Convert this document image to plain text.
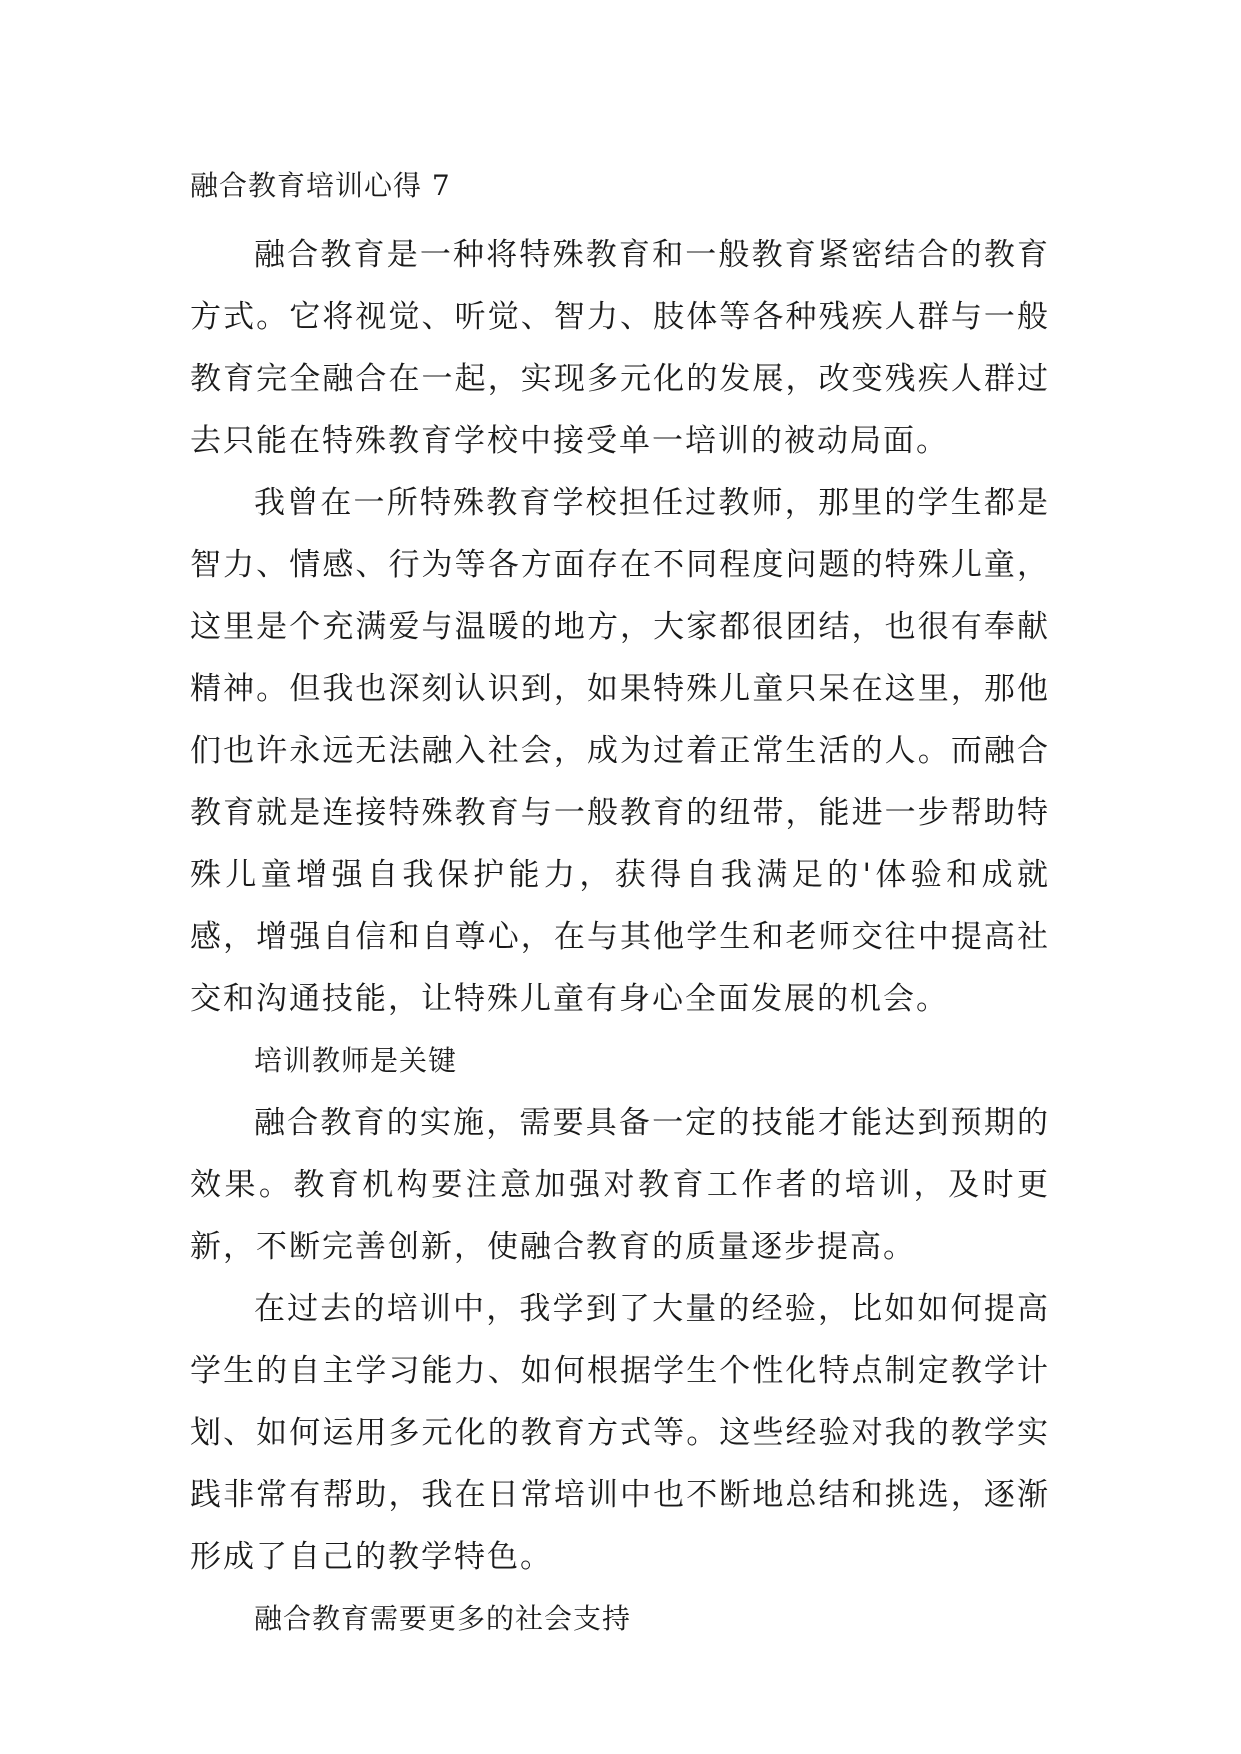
融合教育培训心得 7

融合教育是一种将特殊教育和一般教育紧密结合的教育方式。它将视觉、听觉、智力、肢体等各种残疾人群与一般教育完全融合在一起，实现多元化的发展，改变残疾人群过去只能在特殊教育学校中接受单一培训的被动局面。

我曾在一所特殊教育学校担任过教师，那里的学生都是智力、情感、行为等各方面存在不同程度问题的特殊儿童，这里是个充满爱与温暖的地方，大家都很团结，也很有奉献精神。但我也深刻认识到，如果特殊儿童只呆在这里，那他们也许永远无法融入社会，成为过着正常生活的人。而融合教育就是连接特殊教育与一般教育的纽带，能进一步帮助特殊儿童增强自我保护能力，获得自我满足的'体验和成就感，增强自信和自尊心，在与其他学生和老师交往中提高社交和沟通技能，让特殊儿童有身心全面发展的机会。

培训教师是关键

融合教育的实施，需要具备一定的技能才能达到预期的效果。教育机构要注意加强对教育工作者的培训，及时更新，不断完善创新，使融合教育的质量逐步提高。

在过去的培训中，我学到了大量的经验，比如如何提高学生的自主学习能力、如何根据学生个性化特点制定教学计划、如何运用多元化的教育方式等。这些经验对我的教学实践非常有帮助，我在日常培训中也不断地总结和挑选，逐渐形成了自己的教学特色。

融合教育需要更多的社会支持
